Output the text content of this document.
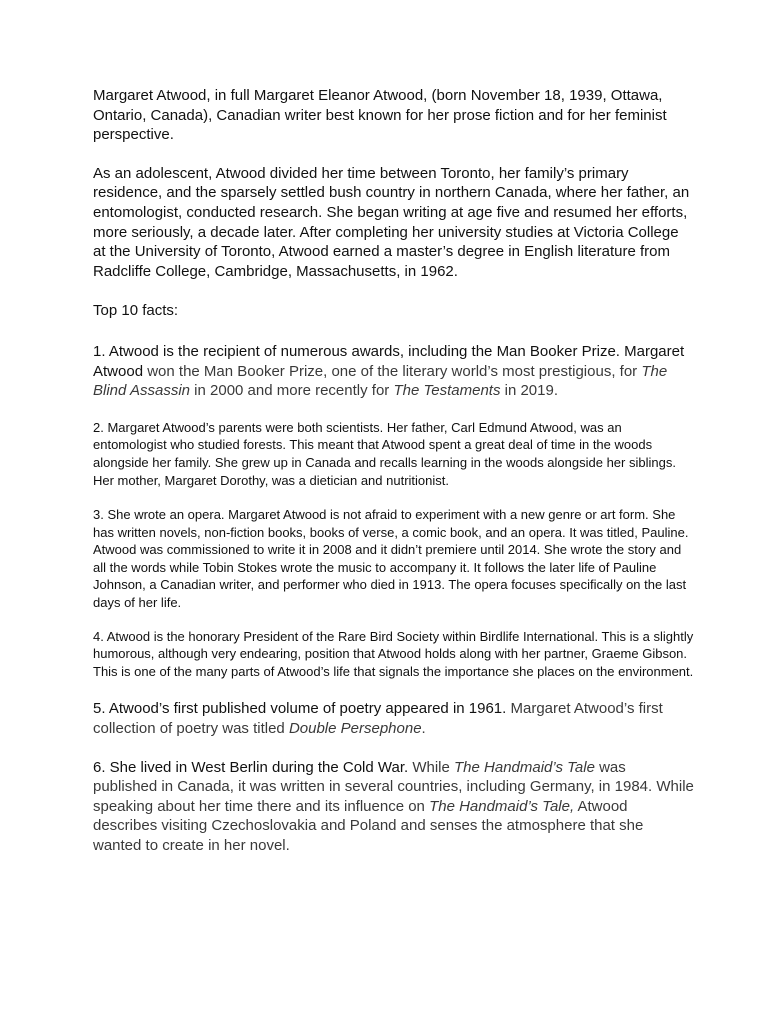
Margaret Atwood, in full Margaret Eleanor Atwood, (born November 18, 1939, Ottawa, Ontario, Canada), Canadian writer best known for her prose fiction and for her feminist perspective.

As an adolescent, Atwood divided her time between Toronto, her family’s primary residence, and the sparsely settled bush country in northern Canada, where her father, an entomologist, conducted research. She began writing at age five and resumed her efforts, more seriously, a decade later. After completing her university studies at Victoria College at the University of Toronto, Atwood earned a master’s degree in English literature from Radcliffe College, Cambridge, Massachusetts, in 1962.

Top 10 facts:

1. Atwood is the recipient of numerous awards, including the Man Booker Prize. Margaret Atwood won the Man Booker Prize, one of the literary world’s most prestigious, for The Blind Assassin in 2000 and more recently for The Testaments in 2019.

2. Margaret Atwood’s parents were both scientists. Her father, Carl Edmund Atwood, was an entomologist who studied forests. This meant that Atwood spent a great deal of time in the woods alongside her family. She grew up in Canada and recalls learning in the woods alongside her siblings. Her mother, Margaret Dorothy, was a dietician and nutritionist.

3. She wrote an opera. Margaret Atwood is not afraid to experiment with a new genre or art form. She has written novels, non-fiction books, books of verse, a comic book, and an opera. It was titled, Pauline. Atwood was commissioned to write it in 2008 and it didn’t premiere until 2014. She wrote the story and all the words while Tobin Stokes wrote the music to accompany it. It follows the later life of Pauline Johnson, a Canadian writer, and performer who died in 1913. The opera focuses specifically on the last days of her life.

4. Atwood is the honorary President of the Rare Bird Society within Birdlife International. This is a slightly humorous, although very endearing, position that Atwood holds along with her partner, Graeme Gibson. This is one of the many parts of Atwood’s life that signals the importance she places on the environment.

5. Atwood’s first published volume of poetry appeared in 1961. Margaret Atwood’s first collection of poetry was titled Double Persephone.

6. She lived in West Berlin during the Cold War. While The Handmaid’s Tale was published in Canada, it was written in several countries, including Germany, in 1984. While speaking about her time there and its influence on The Handmaid’s Tale, Atwood describes visiting Czechoslovakia and Poland and senses the atmosphere that she wanted to create in her novel.
